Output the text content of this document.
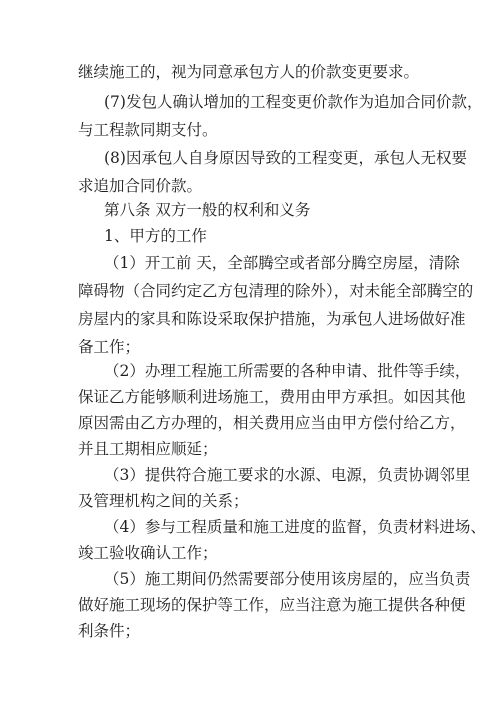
继续施工的，视为同意承包方人的价款变更要求。
(7)发包人确认增加的工程变更价款作为追加合同价款，
与工程款同期支付。
(8)因承包人自身原因导致的工程变更，承包人无权要
求追加合同价款。
第八条 双方一般的权利和义务
1、甲方的工作
（1）开工前 天，全部腾空或者部分腾空房屋，清除
障碍物（合同约定乙方包清理的除外），对未能全部腾空的
房屋内的家具和陈设采取保护措施，为承包人进场做好准
备工作；
（2）办理工程施工所需要的各种申请、批件等手续，
保证乙方能够顺利进场施工，费用由甲方承担。如因其他
原因需由乙方办理的，相关费用应当由甲方偿付给乙方，
并且工期相应顺延；
（3）提供符合施工要求的水源、电源，负责协调邻里
及管理机构之间的关系；
（4）参与工程质量和施工进度的监督，负责材料进场、
竣工验收确认工作；
（5）施工期间仍然需要部分使用该房屋的，应当负责
做好施工现场的保护等工作，应当注意为施工提供各种便
利条件；
